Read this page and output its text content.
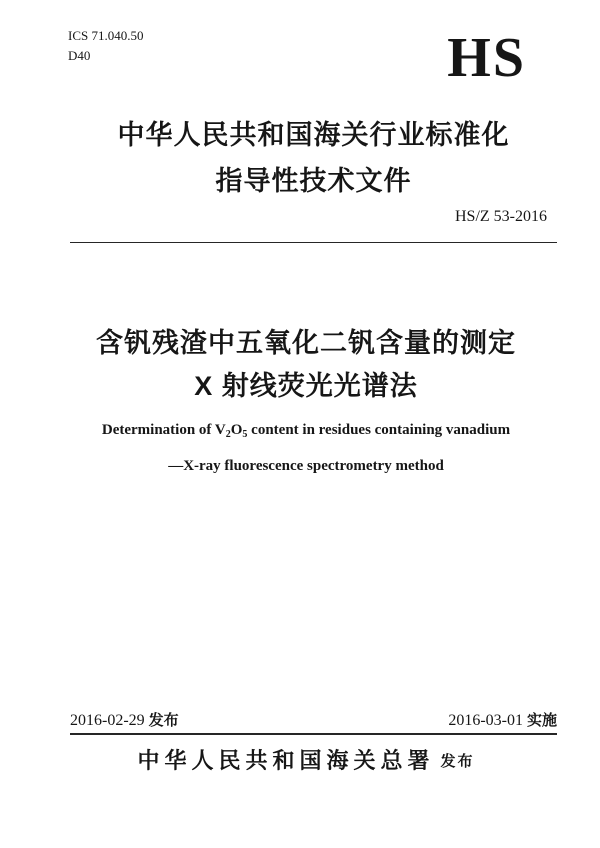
ICS 71.040.50
D40	HS
中华人民共和国海关行业标准化
指导性技术文件
HS/Z 53-2016
含钒残渣中五氧化二钒含量的测定
X 射线荧光光谱法
Determination of $V_2O_5$ content in residues containing vanadium
—X-ray fluorescence spectrometry method
2016-02-29 发布	2016-03-01 实施
中华人民共和国海关总署 发布
